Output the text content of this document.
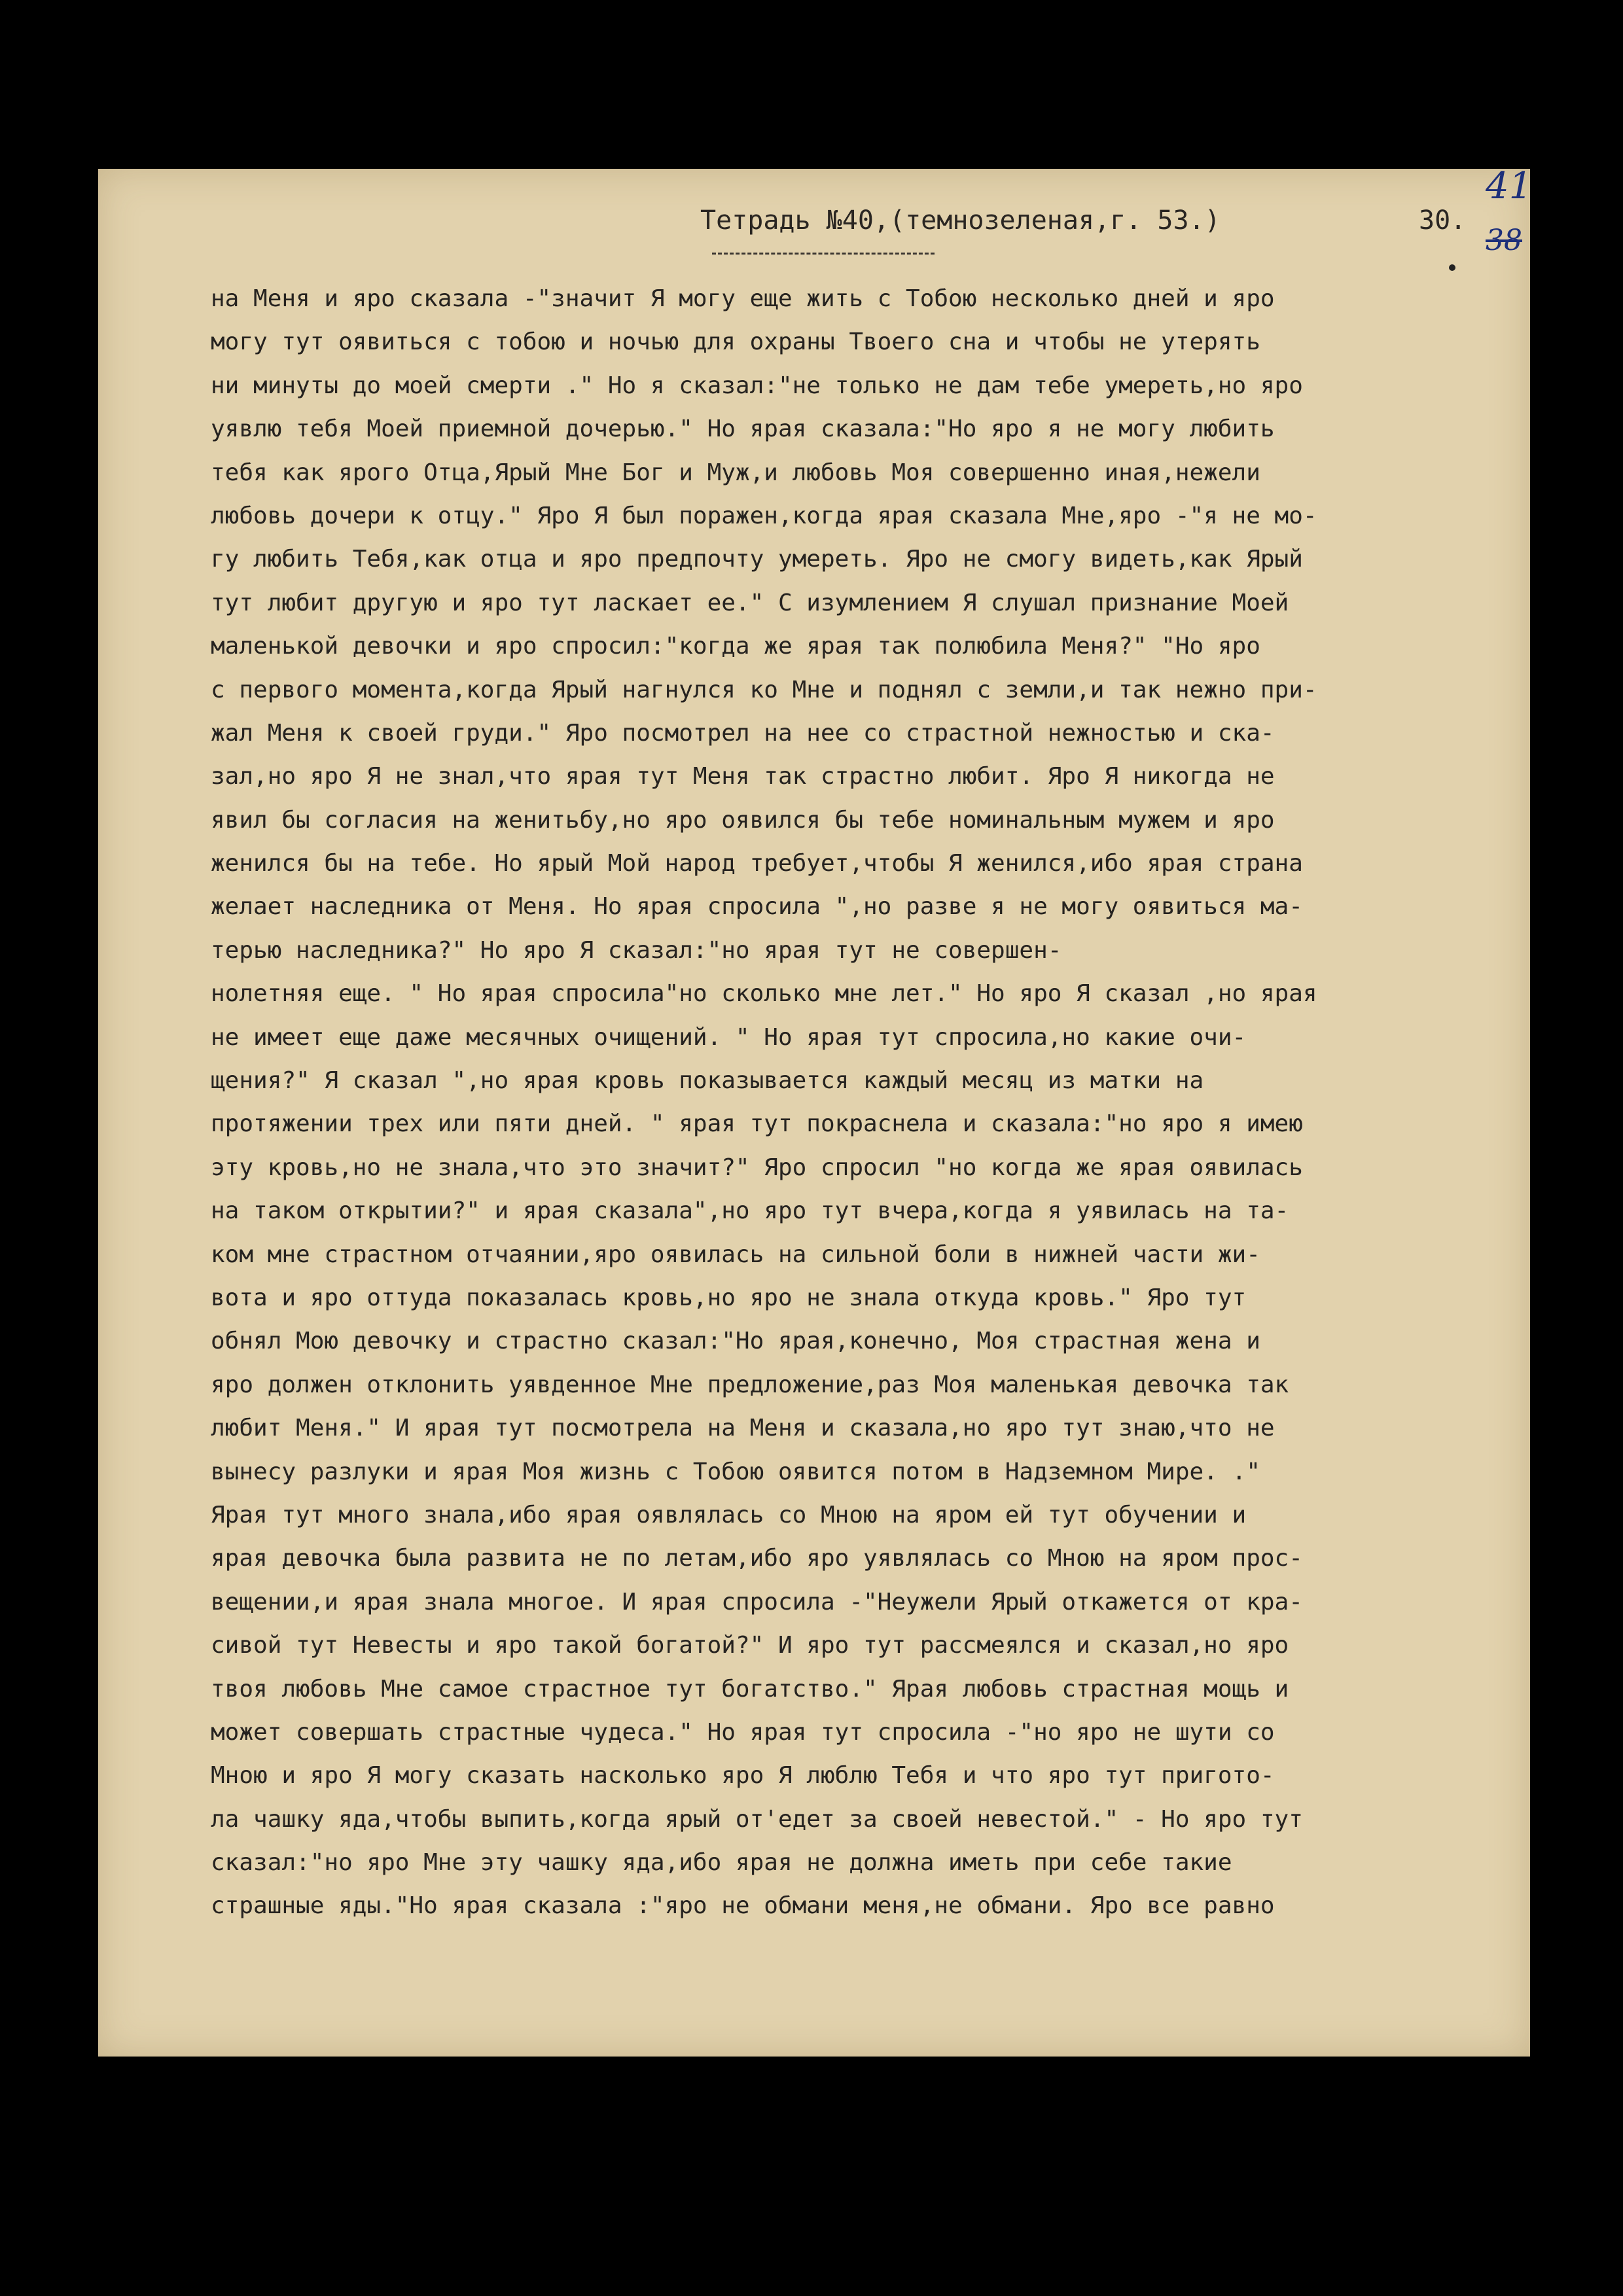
41
38
Тетрадь №40,(темнозеленая,г. 53.)	30.
на Меня и яро сказала -"значит Я могу еще жить с Тобою несколько дней и яро
могу тут оявиться с тобою и ночью для охраны Твоего сна и чтобы не утерять
ни минуты до моей смерти ." Но я сказал:"не только не дам тебе умереть,но яро
уявлю тебя Моей приемной дочерью." Но ярая сказала:"Но яро я не могу любить
тебя как ярого Отца,Ярый Мне Бог и Муж,и любовь Моя совершенно иная,нежели
любовь дочери к отцу." Яро Я был поражен,когда ярая сказала Мне,яро -"я не мо-
гу любить Тебя,как отца и яро предпочту умереть. Яро не смогу видеть,как Ярый
тут любит другую и яро тут ласкает ее." С изумлением Я слушал признание Моей
маленькой девочки и яро спросил:"когда же ярая так полюбила Меня?" "Но яро
с первого момента,когда Ярый нагнулся ко Мне и поднял с земли,и так нежно при-
жал Меня к своей груди." Яро посмотрел на нее со страстной нежностью и ска-
зал,но яро Я не знал,что ярая тут Меня так страстно любит. Яро Я никогда не
явил бы согласия на женитьбу,но яро оявился бы тебе номинальным мужем и яро
женился бы на тебе. Но ярый Мой народ требует,чтобы Я женился,ибо ярая страна
желает наследника от Меня. Но ярая спросила ",но разве я не могу оявиться ма-
терью наследника?" Но яро Я сказал:"но ярая тут не совершен-
нолетняя еще. " Но ярая спросила"но сколько мне лет." Но яро Я сказал ,но ярая
не имеет еще даже месячных очищений. " Но ярая тут спросила,но какие очи-
щения?" Я сказал ",но ярая кровь показывается каждый месяц из матки на
протяжении трех или пяти дней. " ярая тут покраснела и сказала:"но яро я имею
эту кровь,но не знала,что это значит?" Яро спросил "но когда же ярая оявилась
на таком открытии?" и ярая сказала",но яро тут вчера,когда я уявилась на та-
ком мне страстном отчаянии,яро оявилась на сильной боли в нижней части жи-
вота и яро оттуда показалась кровь,но яро не знала откуда кровь." Яро тут
обнял Мою девочку и страстно сказал:"Но ярая,конечно, Моя страстная жена и
яро должен отклонить уявденное Мне предложение,раз Моя маленькая девочка так
любит Меня." И ярая тут посмотрела на Меня и сказала,но яро тут знаю,что не
вынесу разлуки и ярая Моя жизнь с Тобою оявится потом в Надземном Мире. ."
Ярая тут много знала,ибо ярая оявлялась со Мною на яром ей тут обучении и
ярая девочка была развита не по летам,ибо яро уявлялась со Мною на яром прос-
вещении,и ярая знала многое. И ярая спросила -"Неужели Ярый откажется от кра-
сивой тут Невесты и яро такой богатой?" И яро тут рассмеялся и сказал,но яро
твоя любовь Мне самое страстное тут богатство." Ярая любовь страстная мощь и
может совершать страстные чудеса." Но ярая тут спросила -"но яро не шути со
Мною и яро Я могу сказать насколько яро Я люблю Тебя и что яро тут пригото-
ла чашку яда,чтобы выпить,когда ярый от'едет за своей невестой." - Но яро тут
сказал:"но яро Мне эту чашку яда,ибо ярая не должна иметь при себе такие
страшные яды."Но ярая сказала :"яро не обмани меня,не обмани. Яро все равно
